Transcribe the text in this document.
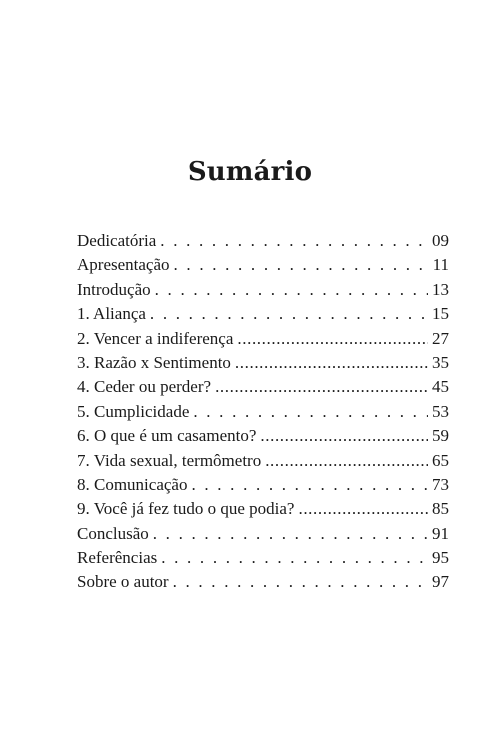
Sumário
Dedicatória . . .	09
Apresentação . . .	11
Introdução . . .	13
1. Aliança . . .	15
2. Vencer a indiferença .....	27
3. Razão x Sentimento .....	35
4. Ceder ou perder? .....	45
5. Cumplicidade . . .	53
6. O que é um casamento? .....	59
7. Vida sexual, termômetro .....	65
8. Comunicação . . .	73
9. Você já fez tudo o que podia? .....	85
Conclusão . . .	91
Referências . . .	95
Sobre o autor . . .	97
